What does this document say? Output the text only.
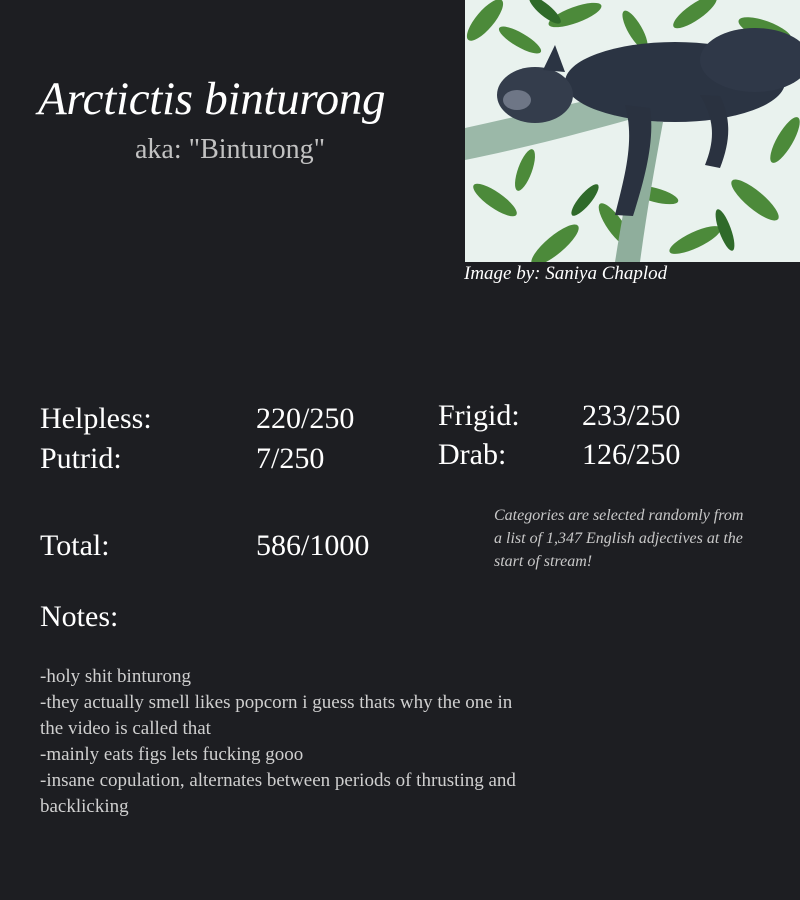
Arctictis binturong
aka: "Binturong"
Image by: Saniya Chaplod
Helpless:	220/250
Putrid:	7/250
Frigid: 233/250
Drab:	126/250
Total:	586/1000
Categories are selected randomly from a list of 1,347 English adjectives at the start of stream!
Notes:
-holy shit binturong
-they actually smell likes popcorn i guess thats why the one in the video is called that
-mainly eats figs lets fucking gooo
-insane copulation, alternates between periods of thrusting and backlicking
